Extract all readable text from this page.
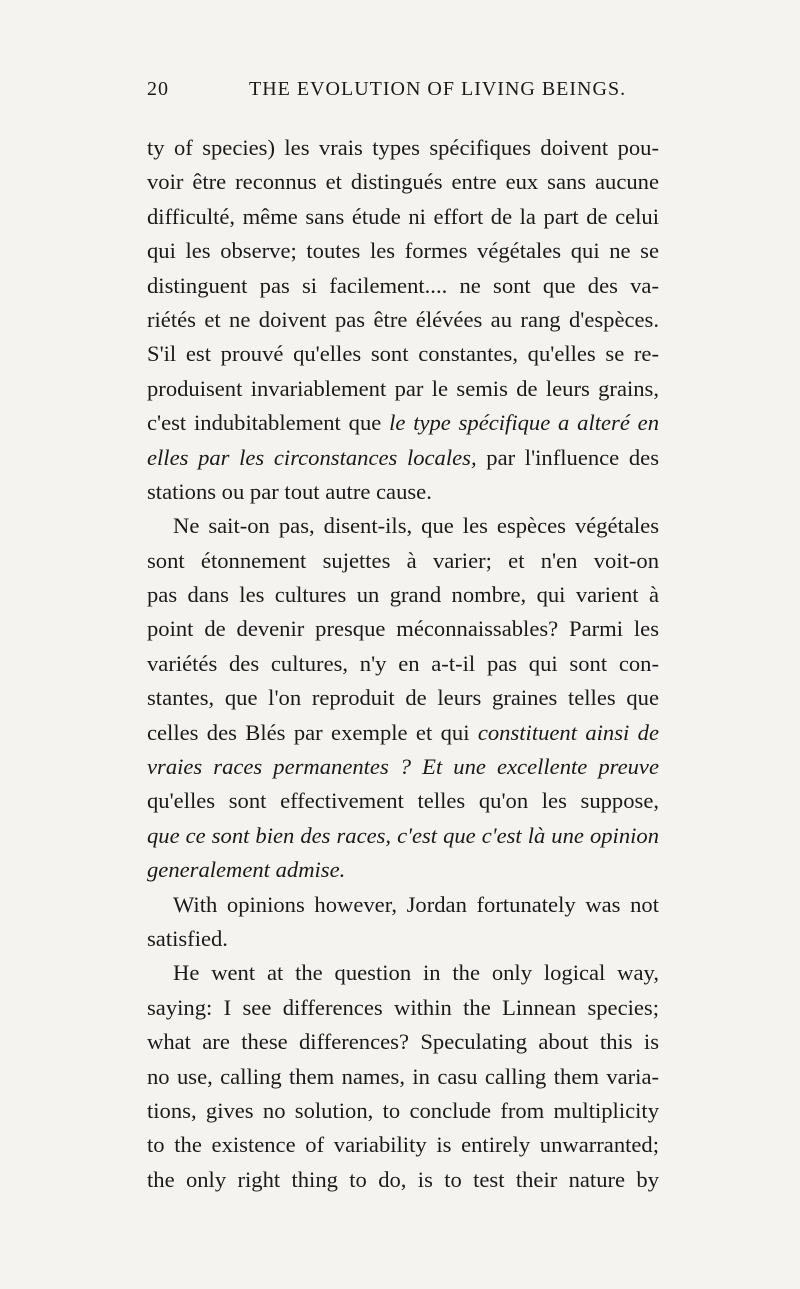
20	THE EVOLUTION OF LIVING BEINGS.
ty of species) les vrais types spécifiques doivent pou-
voir être reconnus et distingués entre eux sans aucune
difficulté, même sans étude ni effort de la part de celui
qui les observe; toutes les formes végétales qui ne se
distinguent pas si facilement.... ne sont que des va-
riétés et ne doivent pas être élévées au rang d'espèces.
S'il est prouvé qu'elles sont constantes, qu'elles se re-
produisent invariablement par le semis de leurs grains,
c'est indubitablement que le type spécifique a alteré en
elles par les circonstances locales, par l'influence des
stations ou par tout autre cause.
Ne sait-on pas, disent-ils, que les espèces végétales
sont étonnement sujettes à varier; et n'en voit-on
pas dans les cultures un grand nombre, qui varient à
point de devenir presque méconnaissables? Parmi les
variétés des cultures, n'y en a-t-il pas qui sont con-
stantes, que l'on reproduit de leurs graines telles que
celles des Blés par exemple et qui constituent ainsi de
vraies races permanentes ? Et une excellente preuve
qu'elles sont effectivement telles qu'on les suppose,
que ce sont bien des races, c'est que c'est là une opinion
generalement admise.
With opinions however, Jordan fortunately was not
satisfied.
He went at the question in the only logical way,
saying: I see differences within the Linnean species;
what are these differences? Speculating about this is
no use, calling them names, in casu calling them varia-
tions, gives no solution, to conclude from multiplicity
to the existence of variability is entirely unwarranted;
the only right thing to do, is to test their nature by
